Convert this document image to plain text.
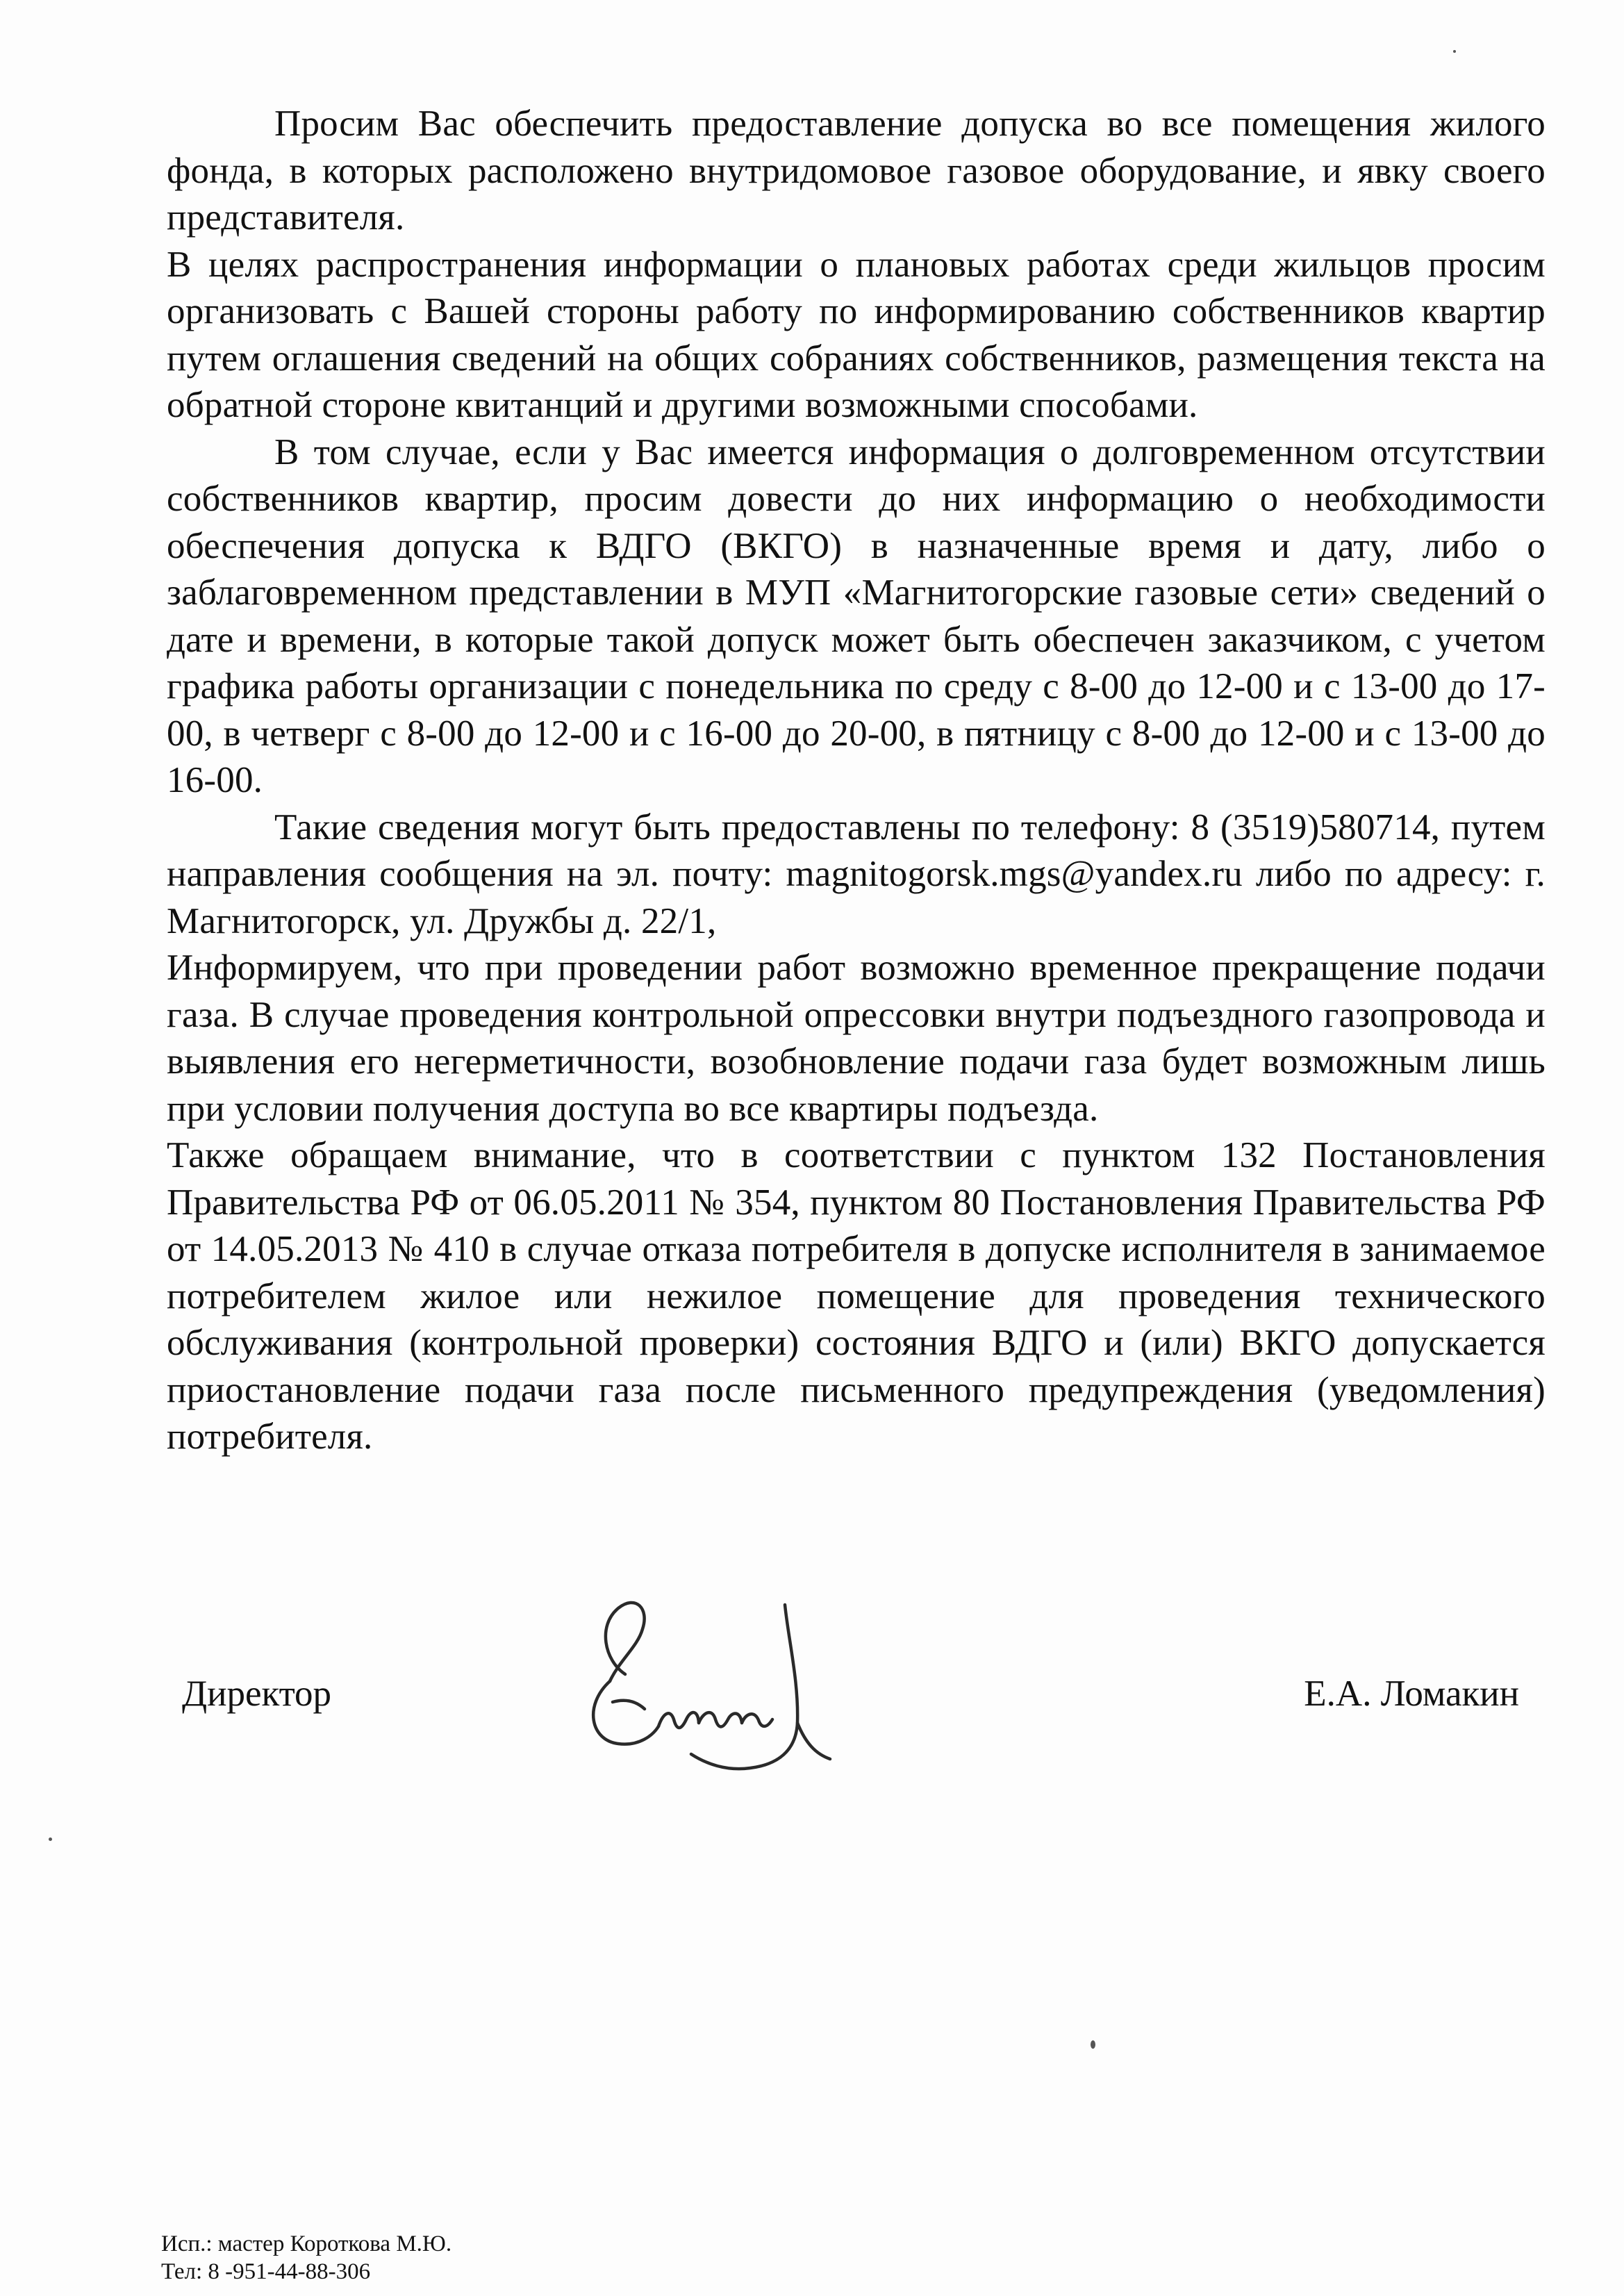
Просим Вас обеспечить предоставление допуска во все помещения жилого фонда, в которых расположено внутридомовое газовое оборудование, и явку своего представителя.

В целях распространения информации о плановых работах среди жильцов просим организовать с Вашей стороны работу по информированию собственников квартир путем оглашения сведений на общих собраниях собственников, размещения текста на обратной стороне квитанций и другими возможными способами.

В том случае, если у Вас имеется информация о долговременном отсутствии собственников квартир, просим довести до них информацию о необходимости обеспечения допуска к ВДГО (ВКГО) в назначенные время и дату, либо о заблаговременном представлении в МУП «Магнитогорские газовые сети» сведений о дате и времени, в которые такой допуск может быть обеспечен заказчиком, с учетом графика работы организации с понедельника по среду с 8-00 до 12-00 и с 13-00 до 17-00, в четверг с 8-00 до 12-00 и с 16-00 до 20-00, в пятницу с 8-00 до 12-00 и с 13-00 до 16-00.

Такие сведения могут быть предоставлены по телефону: 8 (3519)580714, путем направления сообщения на эл. почту: magnitogorsk.mgs@yandex.ru либо по адресу: г. Магнитогорск, ул. Дружбы д. 22/1,

Информируем, что при проведении работ возможно временное прекращение подачи газа. В случае проведения контрольной опрессовки внутри подъездного газопровода и выявления его негерметичности, возобновление подачи газа будет возможным лишь при условии получения доступа во все квартиры подъезда.

Также обращаем внимание, что в соответствии с пунктом 132 Постановления Правительства РФ от 06.05.2011 № 354, пунктом 80 Постановления Правительства РФ от 14.05.2013 № 410 в случае отказа потребителя в допуске исполнителя в занимаемое потребителем жилое или нежилое помещение для проведения технического обслуживания (контрольной проверки) состояния ВДГО и (или) ВКГО допускается приостановление подачи газа после письменного предупреждения (уведомления) потребителя.

Директор	Е.А. Ломакин
Исп.: мастер Короткова М.Ю.
Тел: 8 -951-44-88-306
